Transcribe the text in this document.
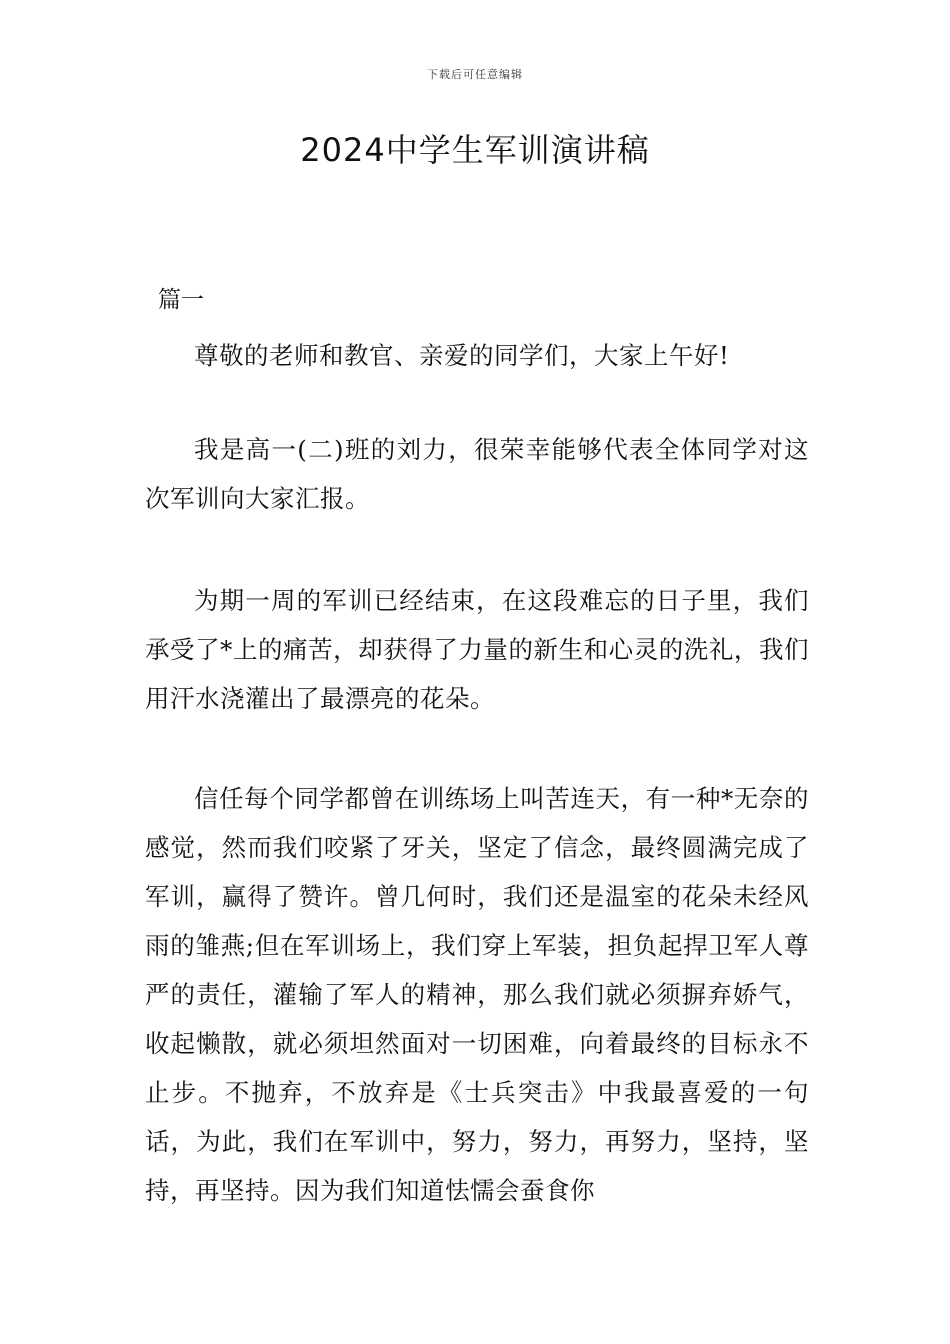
下载后可任意编辑
2024中学生军训演讲稿
篇一

尊敬的老师和教官、亲爱的同学们，大家上午好!

我是高一(二)班的刘力，很荣幸能够代表全体同学对这次军训向大家汇报。

为期一周的军训已经结束，在这段难忘的日子里，我们承受了*上的痛苦，却获得了力量的新生和心灵的洗礼，我们用汗水浇灌出了最漂亮的花朵。

信任每个同学都曾在训练场上叫苦连天，有一种*无奈的感觉，然而我们咬紧了牙关，坚定了信念，最终圆满完成了军训，赢得了赞许。曾几何时，我们还是温室的花朵未经风雨的雏燕;但在军训场上，我们穿上军装，担负起捍卫军人尊严的责任，灌输了军人的精神，那么我们就必须摒弃娇气，收起懒散，就必须坦然面对一切困难，向着最终的目标永不止步。不抛弃，不放弃是《士兵突击》中我最喜爱的一句话，为此，我们在军训中，努力，努力，再努力，坚持，坚持，再坚持。因为我们知道怯懦会蚕食你
